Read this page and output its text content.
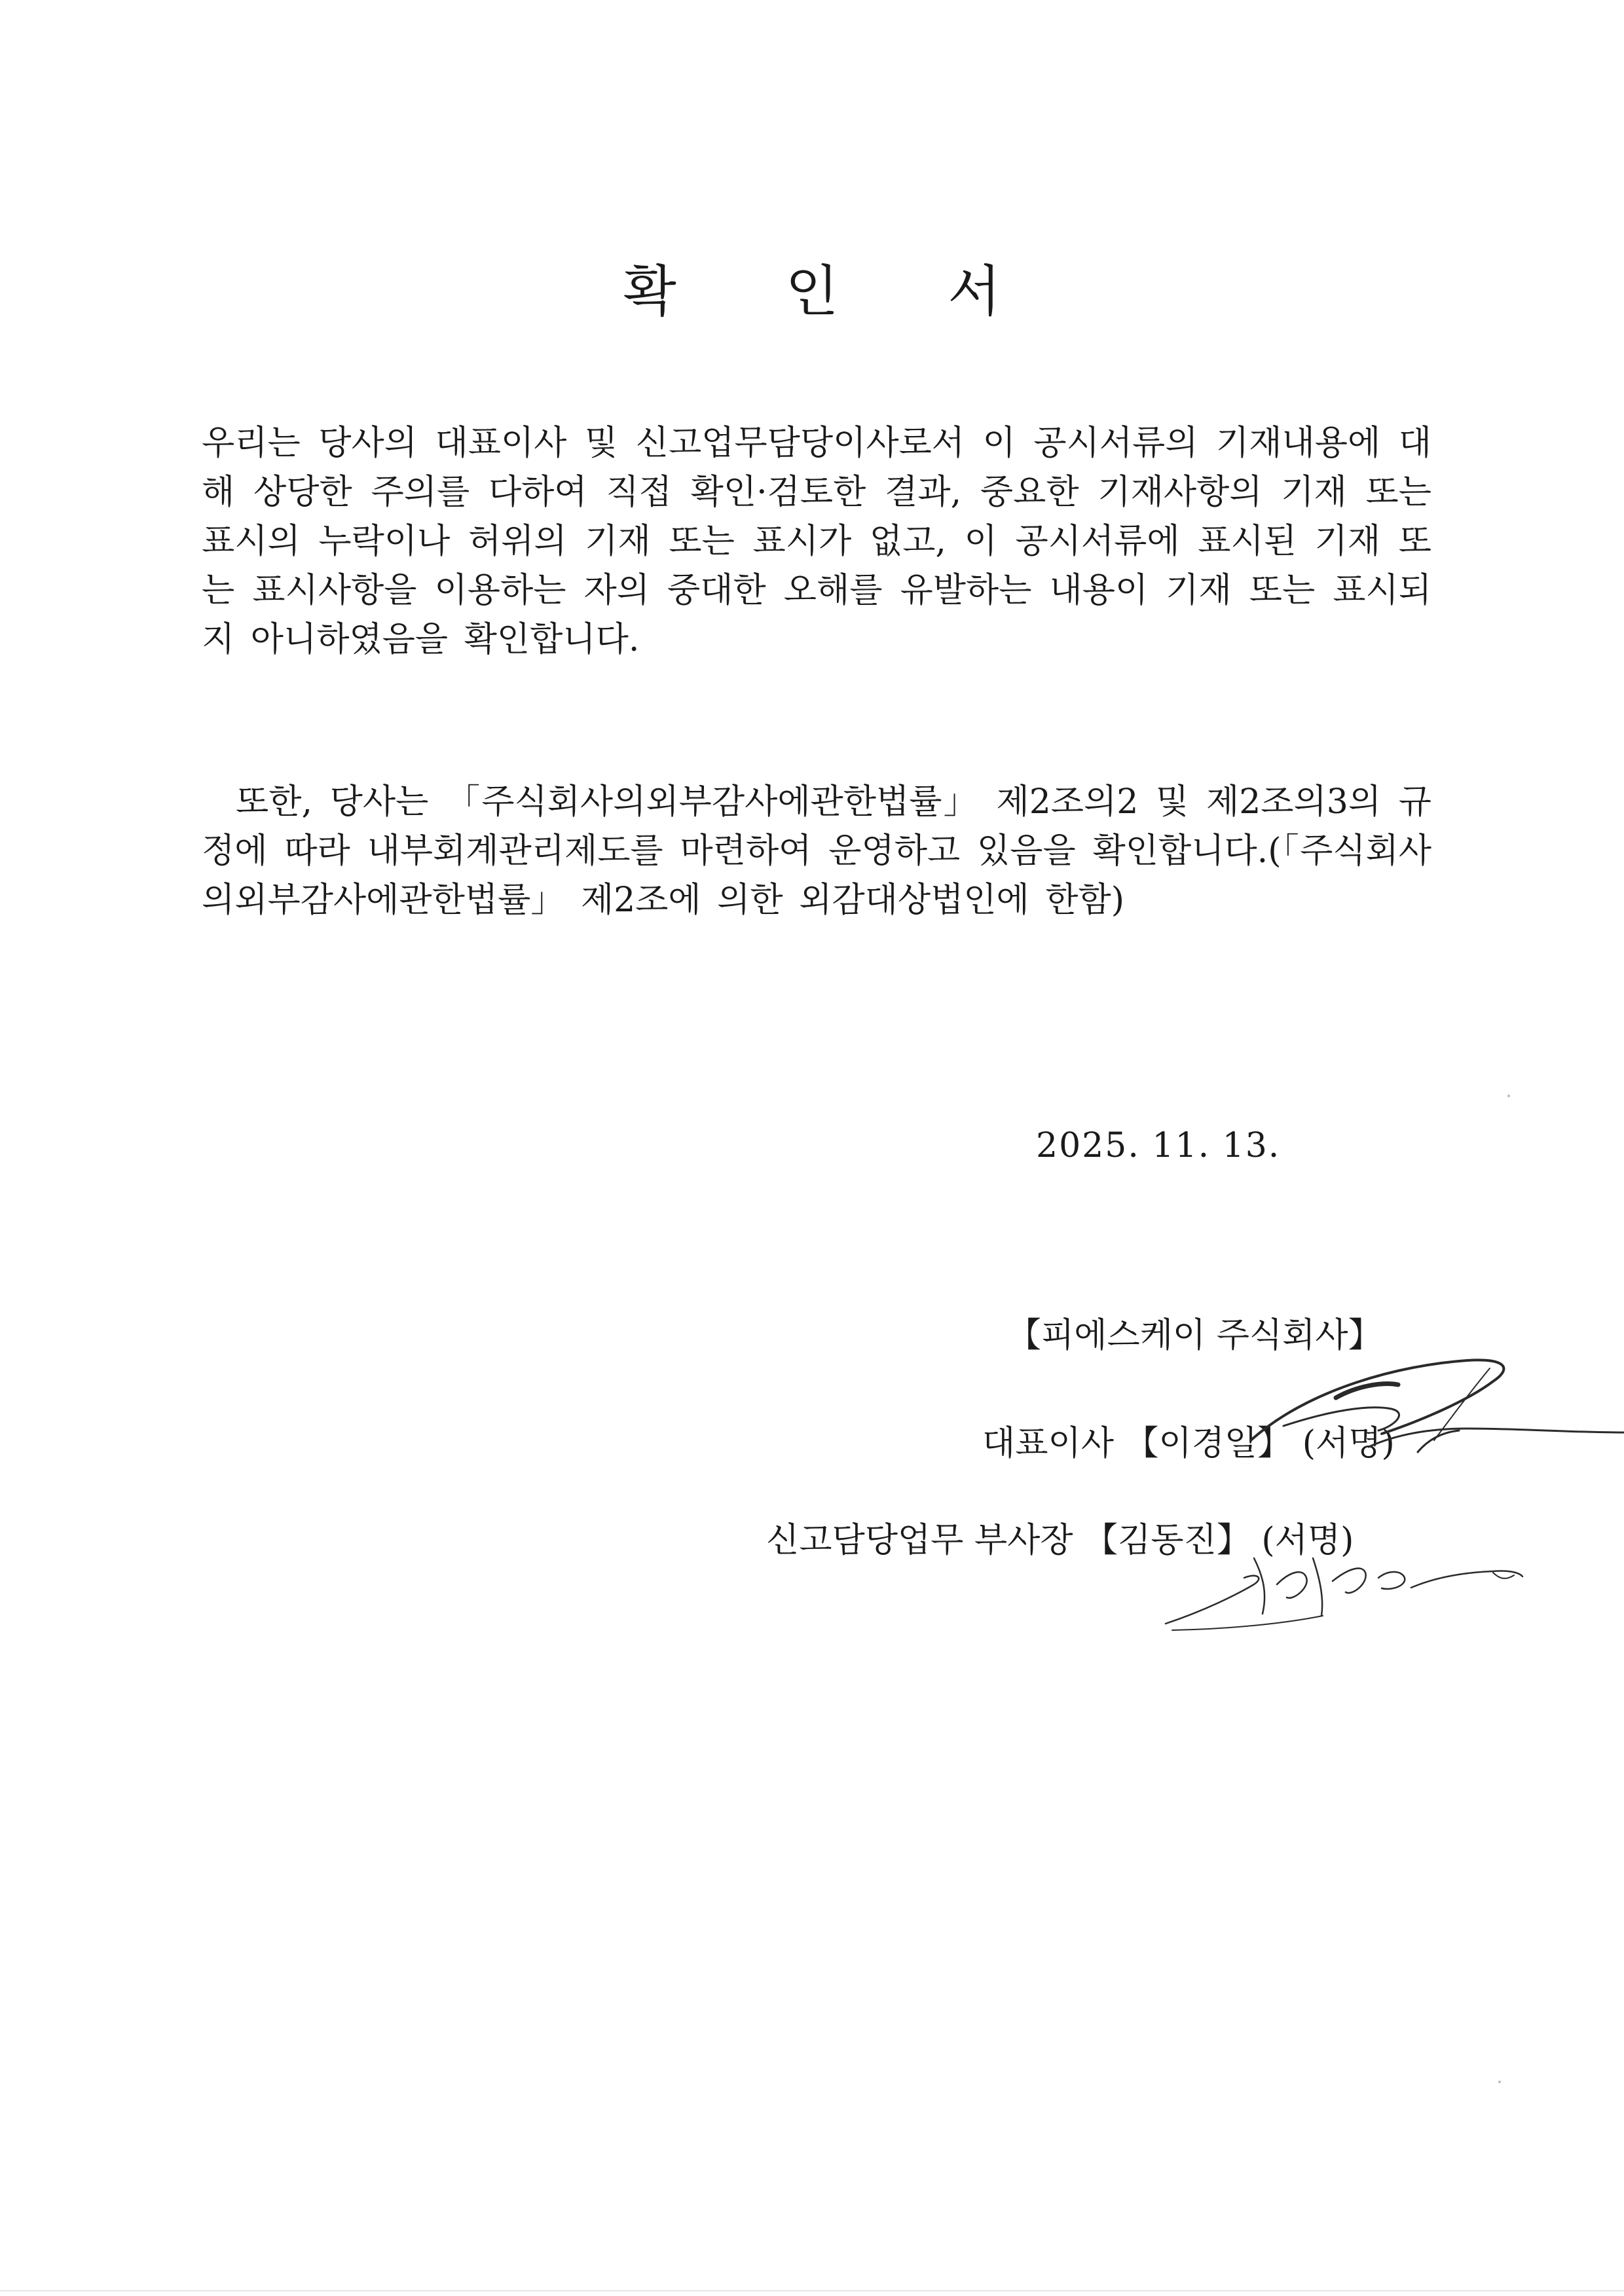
확 인 서

우리는 당사의 대표이사 및 신고업무담당이사로서 이 공시서류의 기재내용에 대해 상당한 주의를 다하여 직접 확인·검토한 결과, 중요한 기재사항의 기재 또는 표시의 누락이나 허위의 기재 또는 표시가 없고, 이 공시서류에 표시된 기재 또는 표시사항을 이용하는 자의 중대한 오해를 유발하는 내용이 기재 또는 표시되지 아니하였음을 확인합니다.

또한, 당사는 「주식회사의외부감사에관한법률」 제2조의2 및 제2조의3의 규정에 따라 내부회계관리제도를 마련하여 운영하고 있음을 확인합니다.(「주식회사의외부감사에관한법률」 제2조에 의한 외감대상법인에 한함)

2025. 11. 13.
【피에스케이 주식회사】
대표이사 【이경일】 (서명)
신고담당업무 부사장 【김동진】 (서명)
